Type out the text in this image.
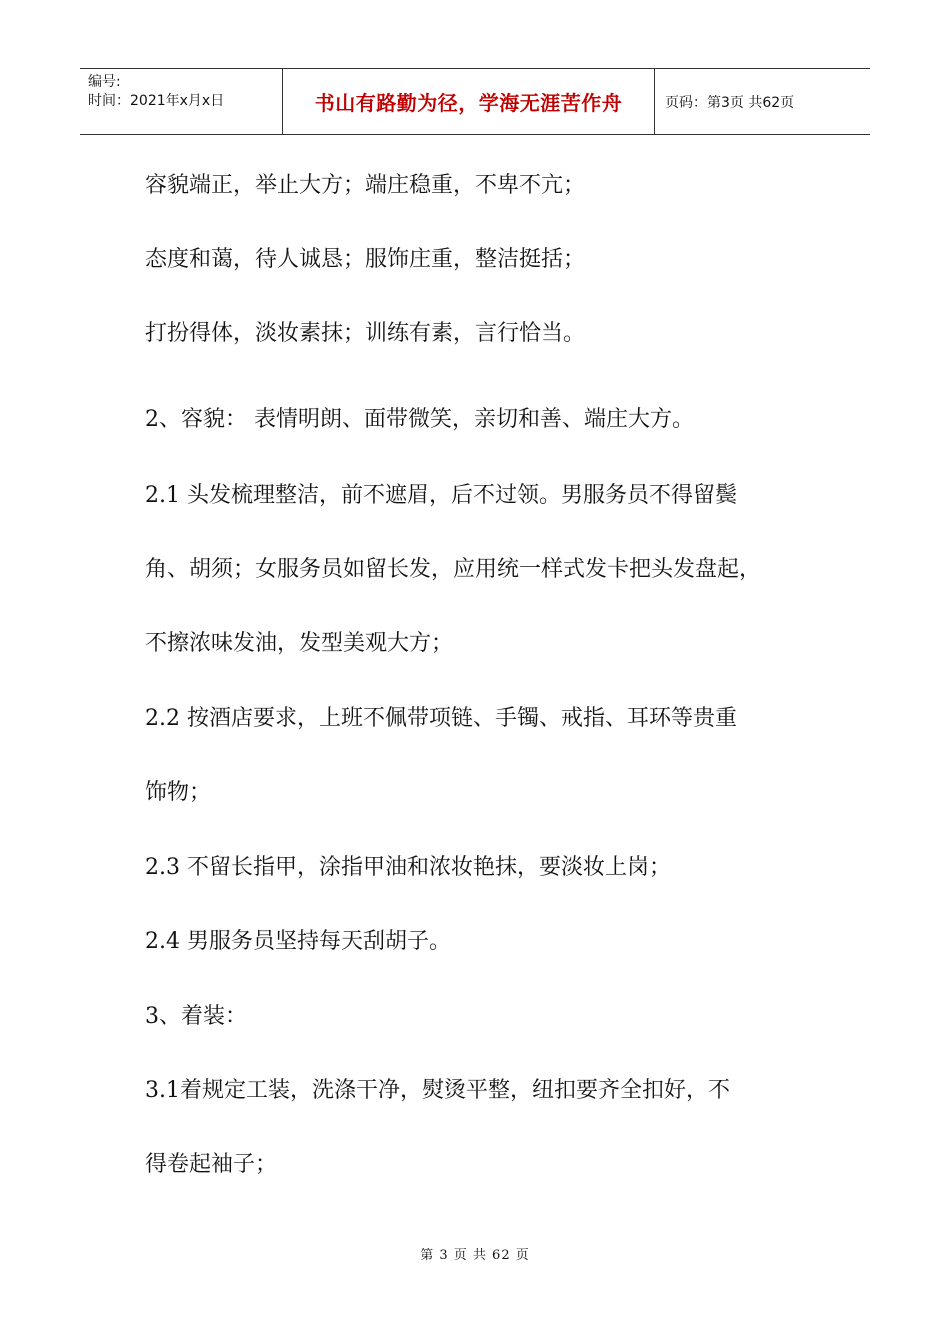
编号:
时间：2021年x月x日	书山有路勤为径，学海无涯苦作舟	页码：第3页 共62页
容貌端正，举止大方；端庄稳重，不卑不亢；
态度和蔼，待人诚恳；服饰庄重，整洁挺括；
打扮得体，淡妆素抹；训练有素，言行恰当。
2、容貌： 表情明朗、面带微笑，亲切和善、端庄大方。
2.1 头发梳理整洁，前不遮眉，后不过领。男服务员不得留鬓
角、胡须；女服务员如留长发，应用统一样式发卡把头发盘起，
不擦浓味发油，发型美观大方；
2.2 按酒店要求，上班不佩带项链、手镯、戒指、耳环等贵重
饰物；
2.3 不留长指甲，涂指甲油和浓妆艳抹，要淡妆上岗；
2.4 男服务员坚持每天刮胡子。
3、着装：
3.1着规定工装，洗涤干净，熨烫平整，纽扣要齐全扣好，不
得卷起袖子；
第 3 页 共 62 页
